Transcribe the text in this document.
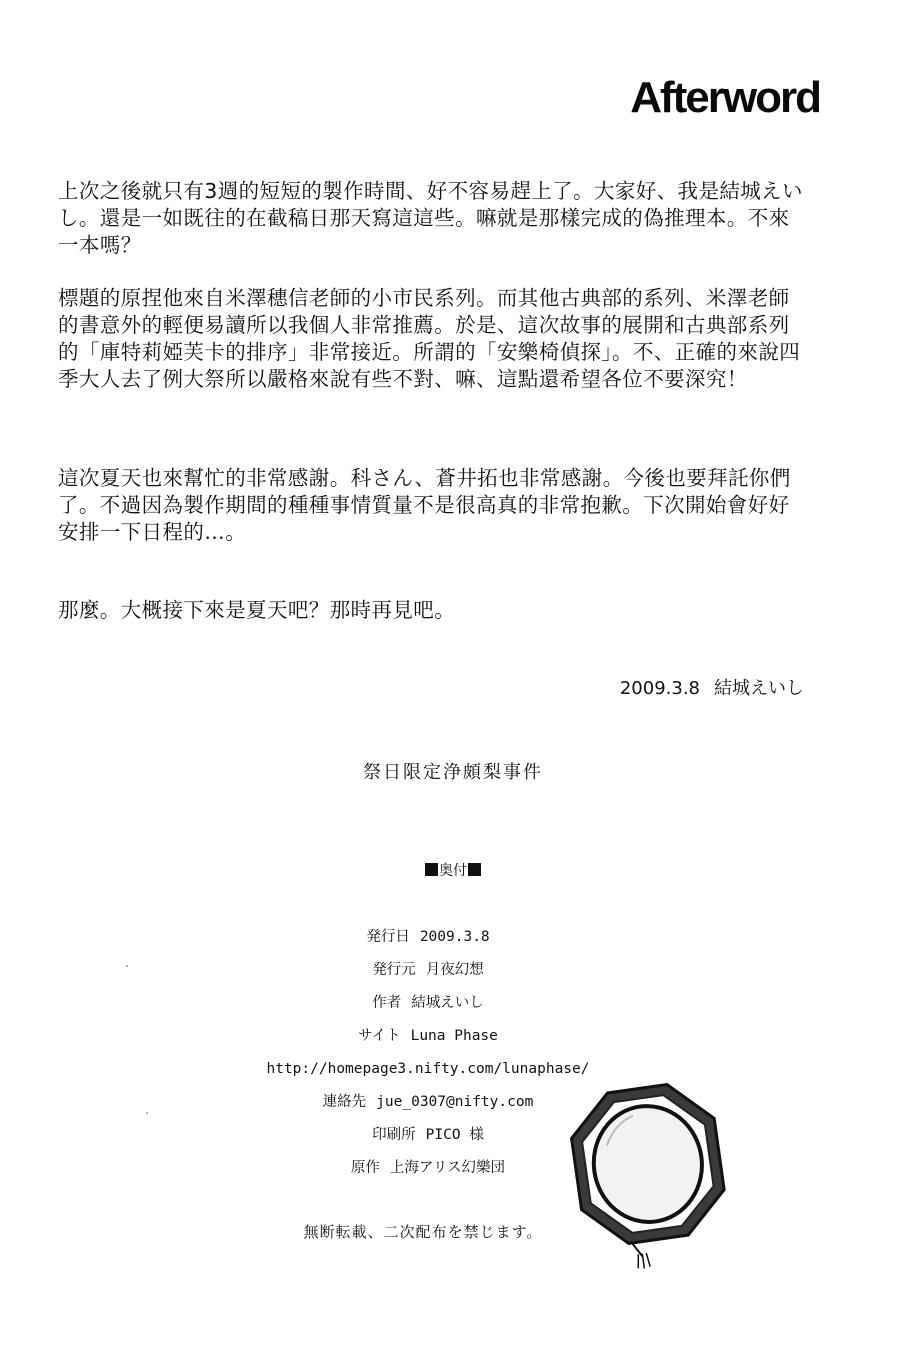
Afterword

上次之後就只有3週的短短的製作時間、好不容易趕上了。大家好、我是結城えいし。還是一如既往的在截稿日那天寫這這些。嘛就是那樣完成的偽推理本。不來一本嗎？

標題的原捏他來自米澤穗信老師的小市民系列。而其他古典部的系列、米澤老師的書意外的輕便易讀所以我個人非常推薦。於是、這次故事的展開和古典部系列的「庫特莉婭芙卡的排序」非常接近。所謂的「安樂椅偵探」。不、正確的來說四季大人去了例大祭所以嚴格來說有些不對、嘛、這點還希望各位不要深究！

這次夏天也來幫忙的非常感謝。科さん、蒼井拓也非常感謝。今後也要拜託你們了。不過因為製作期間的種種事情質量不是很高真的非常抱歉。下次開始會好好安排一下日程的…。

那麼。大概接下來是夏天吧？那時再見吧。

2009.3.8 結城えいし

祭日限定浄頗梨事件

奥付

発行日 2009.3.8
発行元 月夜幻想
作者 結城えいし
サイト Luna Phase
http://homepage3.nifty.com/lunaphase/
連絡先 jue_0307@nifty.com
印刷所 PICO 様
原作 上海アリス幻樂団

無断転載、二次配布を禁じます。
